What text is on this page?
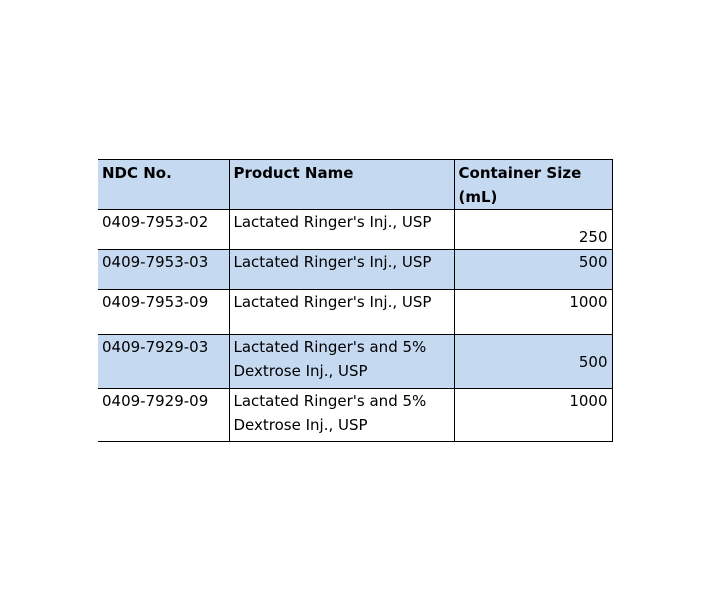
NDC No.	Product Name	Container Size (mL)
0409-7953-02	Lactated Ringer's Inj., USP	250
0409-7953-03	Lactated Ringer's Inj., USP	500
0409-7953-09	Lactated Ringer's Inj., USP	1000
0409-7929-03	Lactated Ringer's and 5%
Dextrose Inj., USP	500
0409-7929-09	Lactated Ringer's and 5%
Dextrose Inj., USP	1000
